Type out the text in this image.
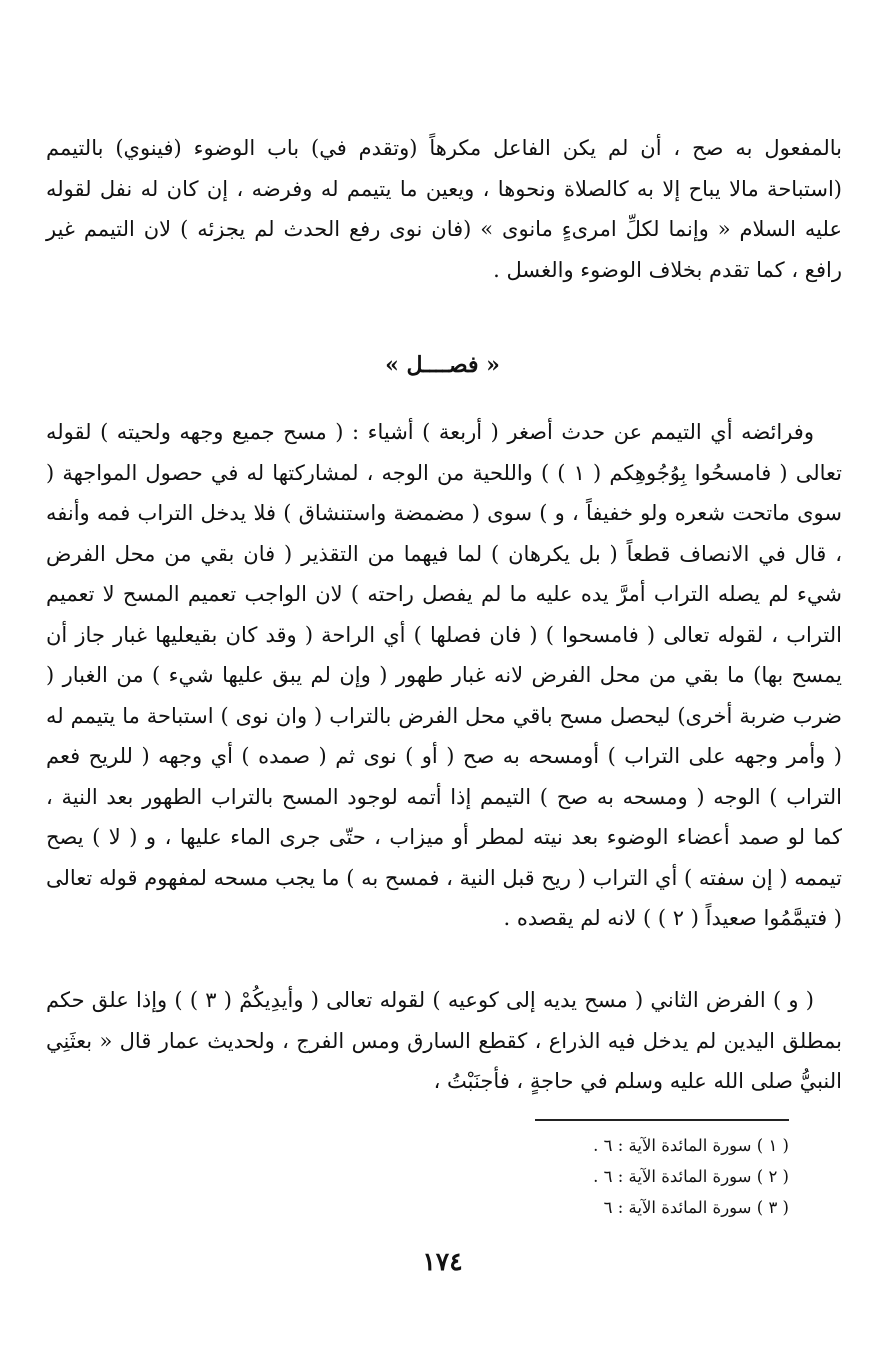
بالمفعول به صح ، أن لم يكن الفاعل مكرهاً (وتقدم في) باب الوضوء (فينوي) بالتيمم (استباحة مالا يباح إلا به كالصلاة ونحوها ، ويعين ما يتيمم له وفرضه ، إن كان له نفل لقوله عليه السلام « وإنما لكلِّ امرىءٍ مانوى » (فان نوى رفع الحدث لم يجزئه ) لان التيمم غير رافع ، كما تقدم بخلاف الوضوء والغسل .

« فصــــل »

وفرائضه أي التيمم عن حدث أصغر ( أربعة ) أشياء : ( مسح جميع وجهه ولحيته ) لقوله تعالى ( فامسحُوا بِوُجُوهِكم ( ١ ) ) واللحية من الوجه ، لمشاركتها له في حصول المواجهة ( سوى ماتحت شعره ولو خفيفاً ، و ) سوى ( مضمضة واستنشاق ) فلا يدخل التراب فمه وأنفه ، قال في الانصاف قطعاً ( بل يكرهان ) لما فيهما من التقذير ( فان بقي من محل الفرض شيء لم يصله التراب أمرَّ يده عليه ما لم يفصل راحته ) لان الواجب تعميم المسح لا تعميم التراب ، لقوله تعالى ( فامسحوا ) ( فان فصلها ) أي الراحة ( وقد كان بقيعليها غبار جاز أن يمسح بها) ما بقي من محل الفرض لانه غبار طهور ( وإن لم يبق عليها شيء ) من الغبار ( ضرب ضربة أخرى) ليحصل مسح باقي محل الفرض بالتراب ( وان نوى ) استباحة ما يتيمم له ( وأمر وجهه على التراب ) أومسحه به صح ( أو ) نوى ثم ( صمده ) أي وجهه ( للريح فعم التراب ) الوجه ( ومسحه به صح ) التيمم إذا أتمه لوجود المسح بالتراب الطهور بعد النية ، كما لو صمد أعضاء الوضوء بعد نيته لمطر أو ميزاب ، حتّى جرى الماء عليها ، و ( لا ) يصح تيممه ( إن سفته ) أي التراب ( ريح قبل النية ، فمسح به ) ما يجب مسحه لمفهوم قوله تعالى ( فتيمَّمُوا صعيداً ( ٢ ) ) لانه لم يقصده .

( و ) الفرض الثاني ( مسح يديه إلى كوعيه ) لقوله تعالى ( وأيدِيكُمْ ( ٣ ) ) وإذا علق حكم بمطلق اليدين لم يدخل فيه الذراع ، كقطع السارق ومس الفرج ، ولحديث عمار قال « بعثَنِي النبيُّ صلى الله عليه وسلم في حاجةٍ ، فأجنَبْتُ ،

( ١ ) سورة المائدة الآية : ٦ .
( ٢ ) سورة المائدة الآية : ٦ .
( ٣ ) سورة المائدة الآية : ٦
١٧٤
